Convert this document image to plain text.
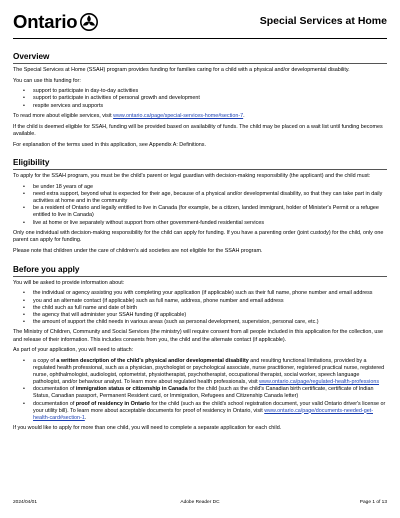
Ontario	Special Services at Home
Overview

The Special Services at Home (SSAH) program provides funding for families caring for a child with a physical and/or developmental disability.

You can use this funding for:

• support to participate in day-to-day activities
• support to participate in activities of personal growth and development
• respite services and supports

To read more about eligible services, visit www.ontario.ca/page/special-services-home#section-7.

If the child is deemed eligible for SSAH, funding will be provided based on availability of funds. The child may be placed on a wait list until funding becomes available.

For explanation of the terms used in this application, see Appendix A: Definitions.

Eligibility

To apply for the SSAH program, you must be the child's parent or legal guardian with decision-making responsibility (the applicant) and the child must:

• be under 18 years of age
• need extra support, beyond what is expected for their age, because of a physical and/or developmental disability, so that they can take part in daily activities at home and in the community
• be a resident of Ontario and legally entitled to live in Canada (for example, be a citizen, landed immigrant, holder of Minister's Permit or a refugee entitled to live in Canada)
• live at home or live separately without support from other government-funded residential services

Only one individual with decision-making responsibility for the child can apply for funding. If you have a parenting order (joint custody) for the child, only one parent can apply for funding.

Please note that children under the care of children's aid societies are not eligible for the SSAH program.

Before you apply

You will be asked to provide information about:

• the individual or agency assisting you with completing your application (if applicable) such as their full name, phone number and email address
• you and an alternate contact (if applicable) such as full name, address, phone number and email address
• the child such as full name and date of birth
• the agency that will administer your SSAH funding (if applicable)
• the amount of support the child needs in various areas (such as personal development, supervision, personal care, etc.)

The Ministry of Children, Community and Social Services (the ministry) will require consent from all people included in this application for the collection, use and release of their information. This includes consents from you, the child and the alternate contact (if applicable).

As part of your application, you will need to attach:

• a copy of a written description of the child's physical and/or developmental disability and resulting functional limitations, provided by a regulated health professional, such as a physician, psychologist or psychological associate, nurse practitioner, registered practical nurse, registered nurse, ophthalmologist, audiologist, optometrist, physiotherapist, psychotherapist, occupational therapist, social worker, speech language pathologist, and/or behaviour analyst. To learn more about regulated health professionals, visit www.ontario.ca/page/regulated-health-professions
• documentation of immigration status or citizenship in Canada for the child (such as the child's Canadian birth certificate, certificate of Indian Status, Canadian passport, Permanent Resident card, or Immigration, Refugees and Citizenship Canada letter)
• documentation of proof of residency in Ontario for the child (such as the child's school registration document, your valid Ontario driver's license or your utility bill). To learn more about acceptable documents for proof of residency in Ontario, visit www.ontario.ca/page/documents-needed-get-health-card#section-1.

If you would like to apply for more than one child, you will need to complete a separate application for each child.

2024/04/01	Adobe Reader DC	Page 1 of 13
